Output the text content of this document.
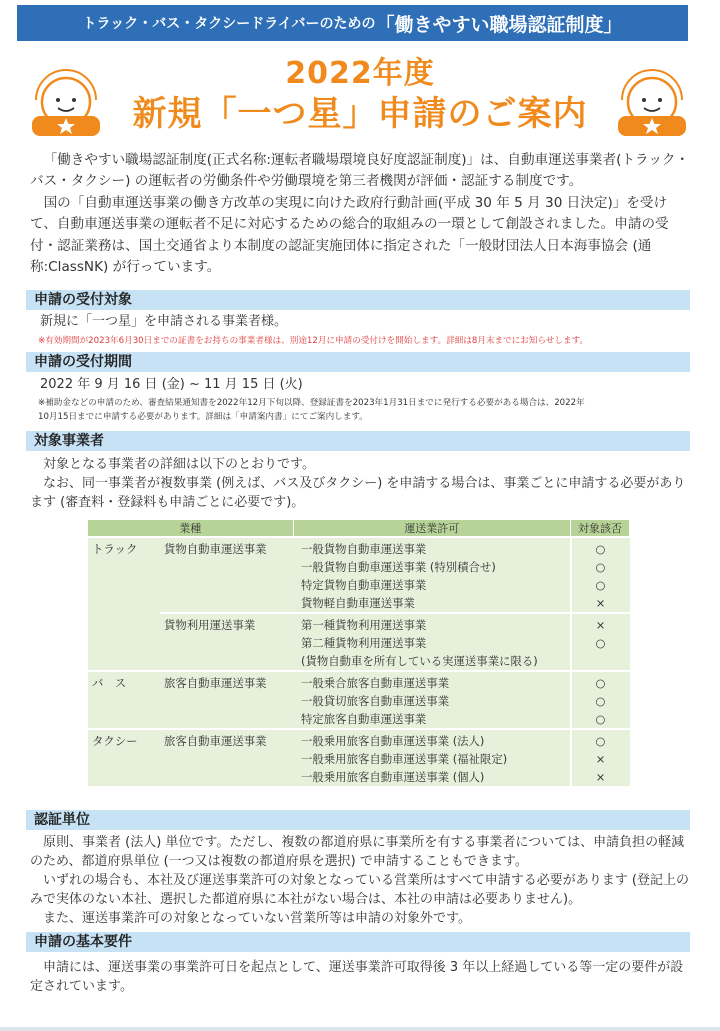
トラック・バス・タクシードライバーのための 「働きやすい職場認証制度」
2022年度
新規「一つ星」申請のご案内

「働きやすい職場認証制度(正式名称:運転者職場環境良好度認証制度)」は、自動車運送事業者(トラック・バス・タクシー) の運転者の労働条件や労働環境を第三者機関が評価・認証する制度です。

国の「自動車運送事業の働き方改革の実現に向けた政府行動計画(平成 30 年 5 月 30 日決定)」を受けて、自動車運送事業の運転者不足に対応するための総合的取組みの一環として創設されました。申請の受付・認証業務は、国土交通省より本制度の認証実施団体に指定された「一般財団法人日本海事協会 (通称:ClassNK) が行っています。

申請の受付対象
新規に「一つ星」を申請される事業者様。
※有効期間が2023年6月30日までの証書をお持ちの事業者様は、別途12月に申請の受付けを開始します。詳細は8月末までにお知らせします。
申請の受付期間
2022 年 9 月 16 日 (金) ~ 11 月 15 日 (火)
※補助金などの申請のため、審査結果通知書を2022年12月下旬以降、登録証書を2023年1月31日までに発行する必要がある場合は、2022年
10月15日までに申請する必要があります。詳細は「申請案内書」にてご案内します。
対象事業者

対象となる事業者の詳細は以下のとおりです。

なお、同一事業者が複数事業 (例えば、バス及びタクシー) を申請する場合は、事業ごとに申請する必要があります (審査料・登録料も申請ごとに必要です)。

業種		運送業許可	対象該否
トラック	貨物自動車運送事業	一般貨物自動車運送事業	○
		一般貨物自動車運送事業 (特別積合せ)	○
		特定貨物自動車運送事業	○
		貨物軽自動車運送事業	×
	貨物利用運送事業	第一種貨物利用運送事業	×
		第二種貨物利用運送事業	○
		(貨物自動車を所有している実運送事業に限る)	
バ　ス	旅客自動車運送事業	一般乗合旅客自動車運送事業	○
		一般貸切旅客自動車運送事業	○
		特定旅客自動車運送事業	○
タクシー	旅客自動車運送事業	一般乗用旅客自動車運送事業 (法人)	○
		一般乗用旅客自動車運送事業 (福祉限定)	×
		一般乗用旅客自動車運送事業 (個人)	×
認証単位

原則、事業者 (法人) 単位です。ただし、複数の都道府県に事業所を有する事業者については、申請負担の軽減のため、都道府県単位 (一つ又は複数の都道府県を選択) で申請することもできます。

いずれの場合も、本社及び運送事業許可の対象となっている営業所はすべて申請する必要があります (登記上のみで実体のない本社、選択した都道府県に本社がない場合は、本社の申請は必要ありません)。

また、運送事業許可の対象となっていない営業所等は申請の対象外です。

申請の基本要件

申請には、運送事業の事業許可日を起点として、運送事業許可取得後 3 年以上経過している等一定の要件が設定されています。
